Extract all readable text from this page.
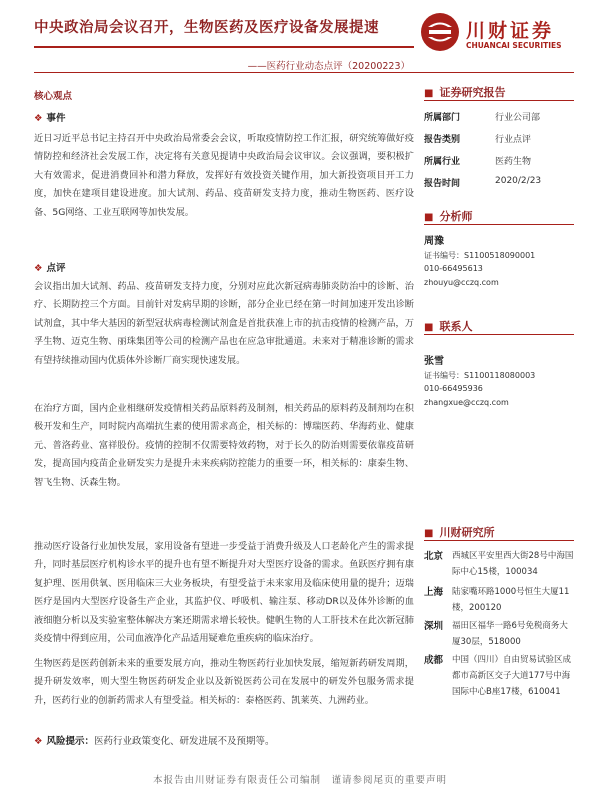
中央政治局会议召开，生物医药及医疗设备发展提速
——医药行业动态点评（20200223）
川财证券
CHUANCAI SECURITIES
核心观点
❖ 事件
近日习近平总书记主持召开中央政治局常委会会议，听取疫情防控工作汇报，研究统筹做好疫情防控和经济社会发展工作，决定将有关意见提请中央政治局会议审议。会议强调，要积极扩大有效需求，促进消费回补和潜力释放，发挥好有效投资关键作用，加大新投资项目开工力度，加快在建项目建设进度。加大试剂、药品、疫苗研发支持力度，推动生物医药、医疗设备、5G网络、工业互联网等加快发展。
❖ 点评
会议指出加大试剂、药品、疫苗研发支持力度，分别对应此次新冠病毒肺炎防治中的诊断、治疗、长期防控三个方面。目前针对发病早期的诊断，部分企业已经在第一时间加速开发出诊断试剂盒，其中华大基因的新型冠状病毒检测试剂盒是首批获准上市的抗击疫情的检测产品，万孚生物、迈克生物、丽珠集团等公司的检测产品也在应急审批通道。未来对于精准诊断的需求有望持续推动国内优质体外诊断厂商实现快速发展。
在治疗方面，国内企业相继研发疫情相关药品原料药及制剂，相关药品的原料药及制剂均在积极开发和生产，同时院内高端抗生素的使用需求高企，相关标的：博瑞医药、华海药业、健康元、普洛药业、富祥股份。疫情的控制不仅需要特效药物，对于长久的防治则需要依靠疫苗研发，提高国内疫苗企业研发实力是提升未来疾病防控能力的重要一环，相关标的：康泰生物、智飞生物、沃森生物。
推动医疗设备行业加快发展，家用设备有望进一步受益于消费升级及人口老龄化产生的需求提升，同时基层医疗机构诊水平的提升也有望不断提升对大型医疗设备的需求。鱼跃医疗拥有康复护理、医用供氧、医用临床三大业务板块，有望受益于未来家用及临床使用量的提升；迈瑞医疗是国内大型医疗设备生产企业，其监护仪、呼吸机、输注泵、移动DR以及体外诊断的血液细胞分析以及实验室整体解决方案还期需求增长较快。健帆生物的人工肝技术在此次新冠肺炎疫情中得到应用，公司血液净化产品适用疑难危重疾病的临床治疗。
生物医药是医药创新未来的重要发展方向，推动生物医药行业加快发展，缩短新药研发周期，提升研发效率，则大型生物医药研发企业以及新锐医药公司在发展中的研发外包服务需求提升，医药行业的创新药需求人有望受益。相关标的：泰格医药、凯莱英、九洲药业。
❖ 风险提示：医药行业政策变化、研发进展不及预期等。
■ 证券研究报告
所属部门	行业公司部
报告类别	行业点评
所属行业	医药生物
报告时间	2020/2/23
■ 分析师
周豫
证书编号：S1100518090001
010-66495613
zhouyu@cczq.com
■ 联系人
张雪
证书编号：S1100118080003
010-66495936
zhangxue@cczq.com
■ 川财研究所
北京 西城区平安里西大街28号中海国际中心15楼，100034
上海 陆家嘴环路1000号恒生大厦11楼，200120
深圳 福田区福华一路6号免税商务大厦30层，518000
成都 中国（四川）自由贸易试验区成都市高新区交子大道177号中海国际中心B座17楼，610041
本报告由川财证券有限责任公司编制　谨请参阅尾页的重要声明
